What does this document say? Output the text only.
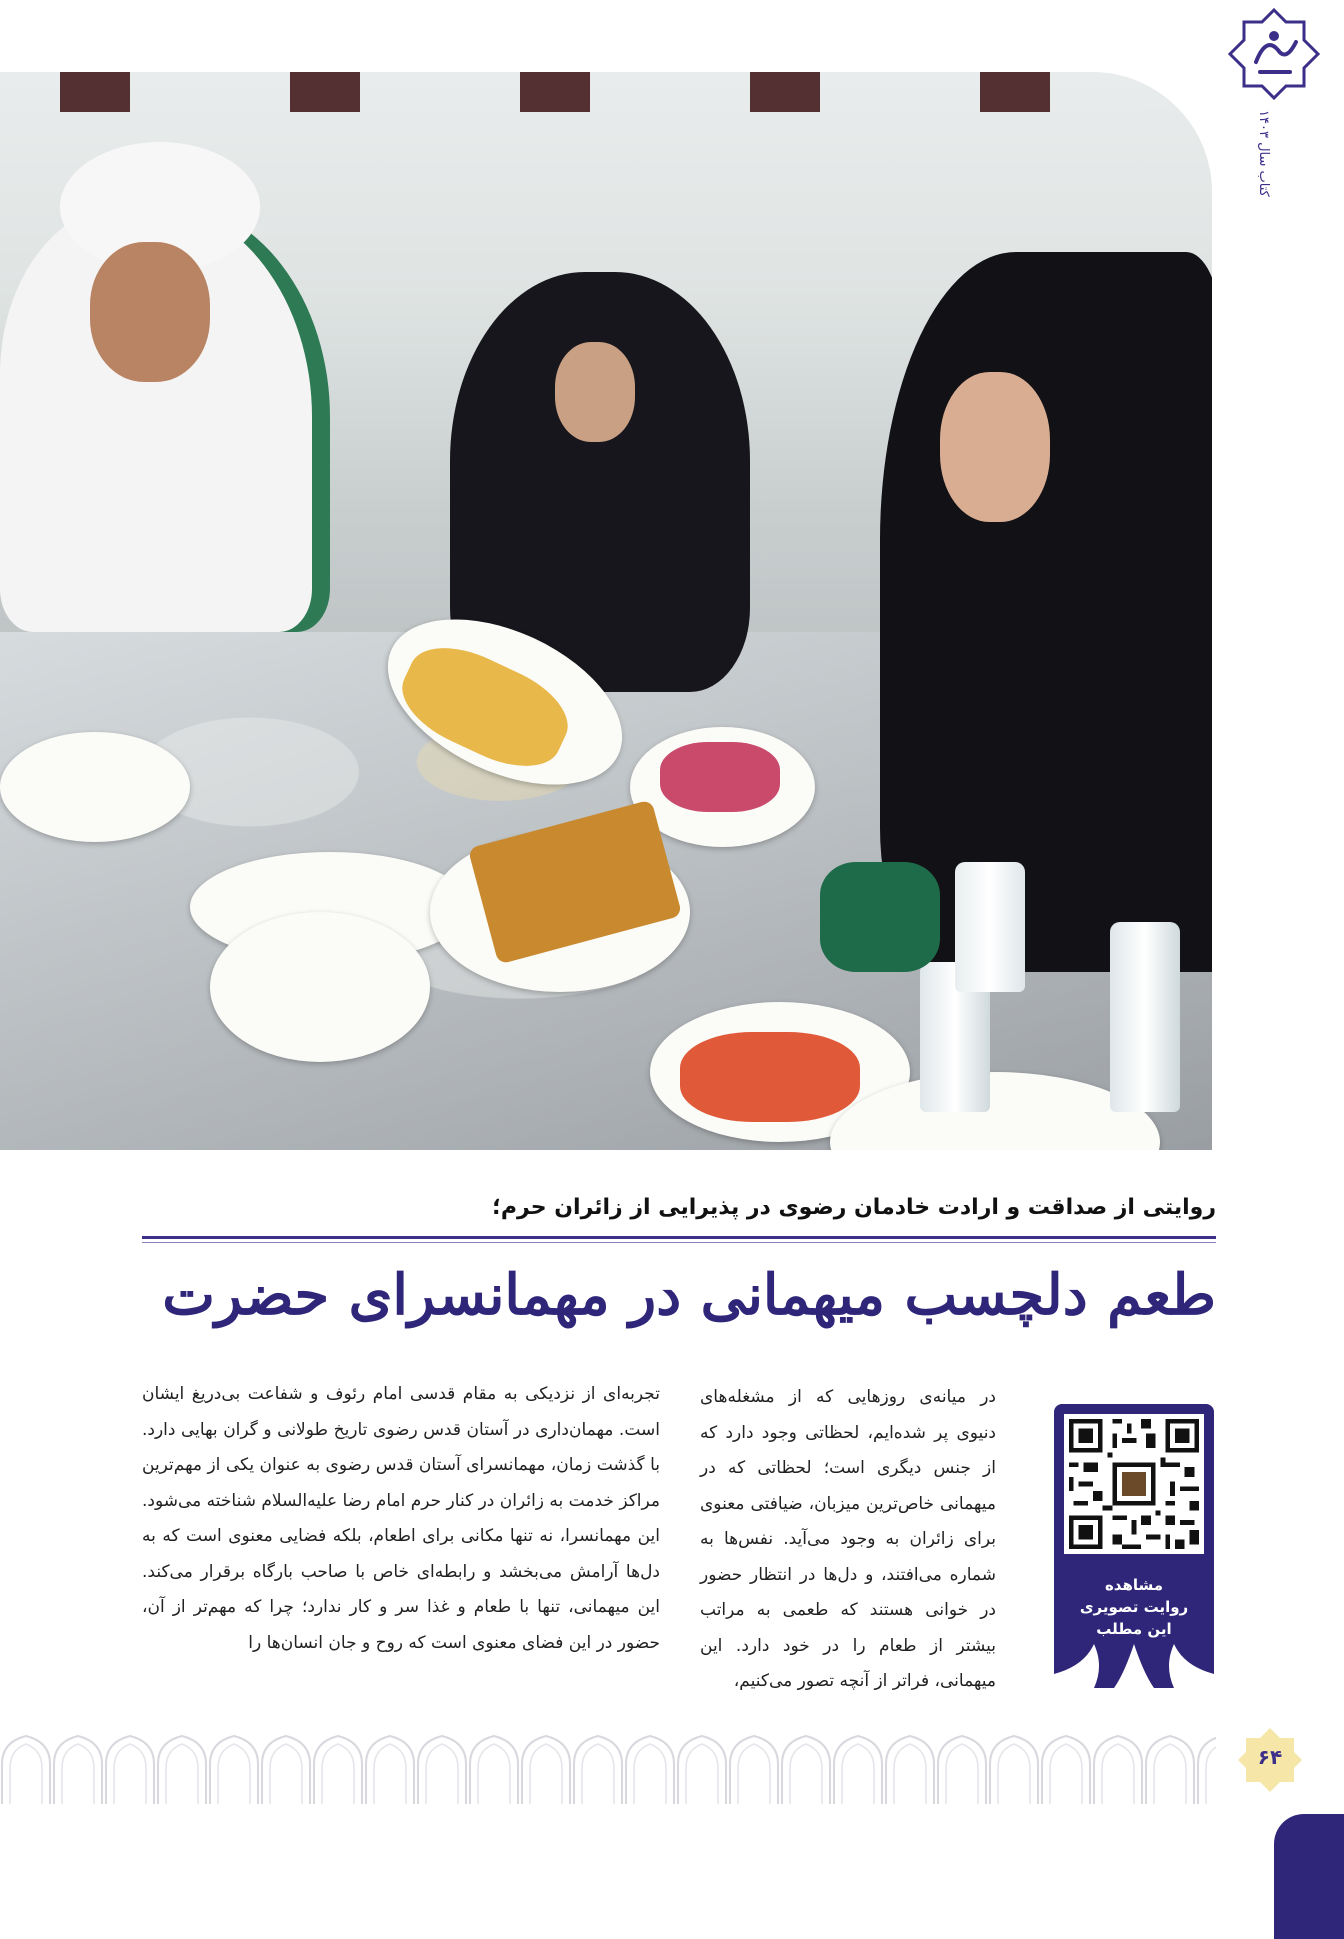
کتاب سال ۱۴۰۳
روایتی از صداقت و ارادت خادمان رضوی در پذیرایی از زائران حرم؛
طعم دلچسب میهمانی در مهمانسرای حضرت
مشاهده
روایت تصویری
این مطلب
در میانه‌ی روزهایی که از مشغله‌های دنیوی پر شده‌ایم، لحظاتی وجود دارد که از جنس دیگری است؛ لحظاتی که در میهمانی خاص‌ترین میزبان، ضیافتی معنوی برای زائران به وجود می‌آید. نفس‌ها به شماره می‌افتند، و دل‌ها در انتظار حضور در خوانی هستند که طعمی به مراتب بیشتر از طعام را در خود دارد. این میهمانی، فراتر از آنچه تصور می‌کنیم،
تجربه‌ای از نزدیکی به مقام قدسی امام رئوف و شفاعت بی‌دریغ ایشان است. مهمان‌داری در آستان قدس رضوی تاریخ طولانی و گران بهایی دارد. با گذشت زمان، مهمانسرای آستان قدس رضوی به عنوان یکی از مهم‌ترین مراکز خدمت به زائران در کنار حرم امام رضا علیه‌السلام شناخته می‌شود. این مهمانسرا، نه تنها مکانی برای اطعام، بلکه فضایی معنوی است که به دل‌ها آرامش می‌بخشد و رابطه‌ای خاص با صاحب بارگاه برقرار می‌کند. این میهمانی، تنها با طعام و غذا سر و کار ندارد؛ چرا که مهم‌تر از آن، حضور در این فضای معنوی است که روح و جان انسان‌ها را
۶۴
